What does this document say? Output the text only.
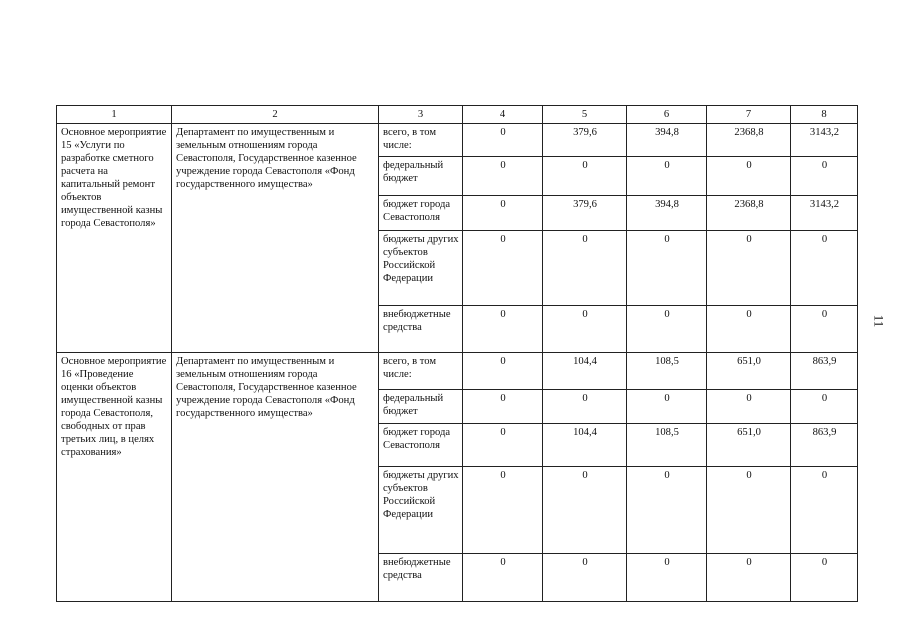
1	2	3	4	5	6	7	8
Основное мероприятие 15 «Услуги по разработке сметного расчета на капитальный ремонт объектов имущественной казны города Севастополя»	Департамент по имущественным и земельным отношениям города Севастополя, Государственное казенное учреждение города Севастополя «Фонд государственного имущества»	всего, в том числе:	0	379,6	394,8	2368,8	3143,2
		федеральный бюджет	0	0	0	0	0
		бюджет города Севастополя	0	379,6	394,8	2368,8	3143,2
		бюджеты других субъектов Российской Федерации	0	0	0	0	0
		внебюджетные средства	0	0	0	0	0
Основное мероприятие 16 «Проведение оценки объектов имущественной казны города Севастополя, свободных от прав третьих лиц, в целях страхования»	Департамент по имущественным и земельным отношениям города Севастополя, Государственное казенное учреждение города Севастополя «Фонд государственного имущества»	всего, в том числе:	0	104,4	108,5	651,0	863,9
		федеральный бюджет	0	0	0	0	0
		бюджет города Севастополя	0	104,4	108,5	651,0	863,9
		бюджеты других субъектов Российской Федерации	0	0	0	0	0
		внебюджетные средства	0	0	0	0	0
11
